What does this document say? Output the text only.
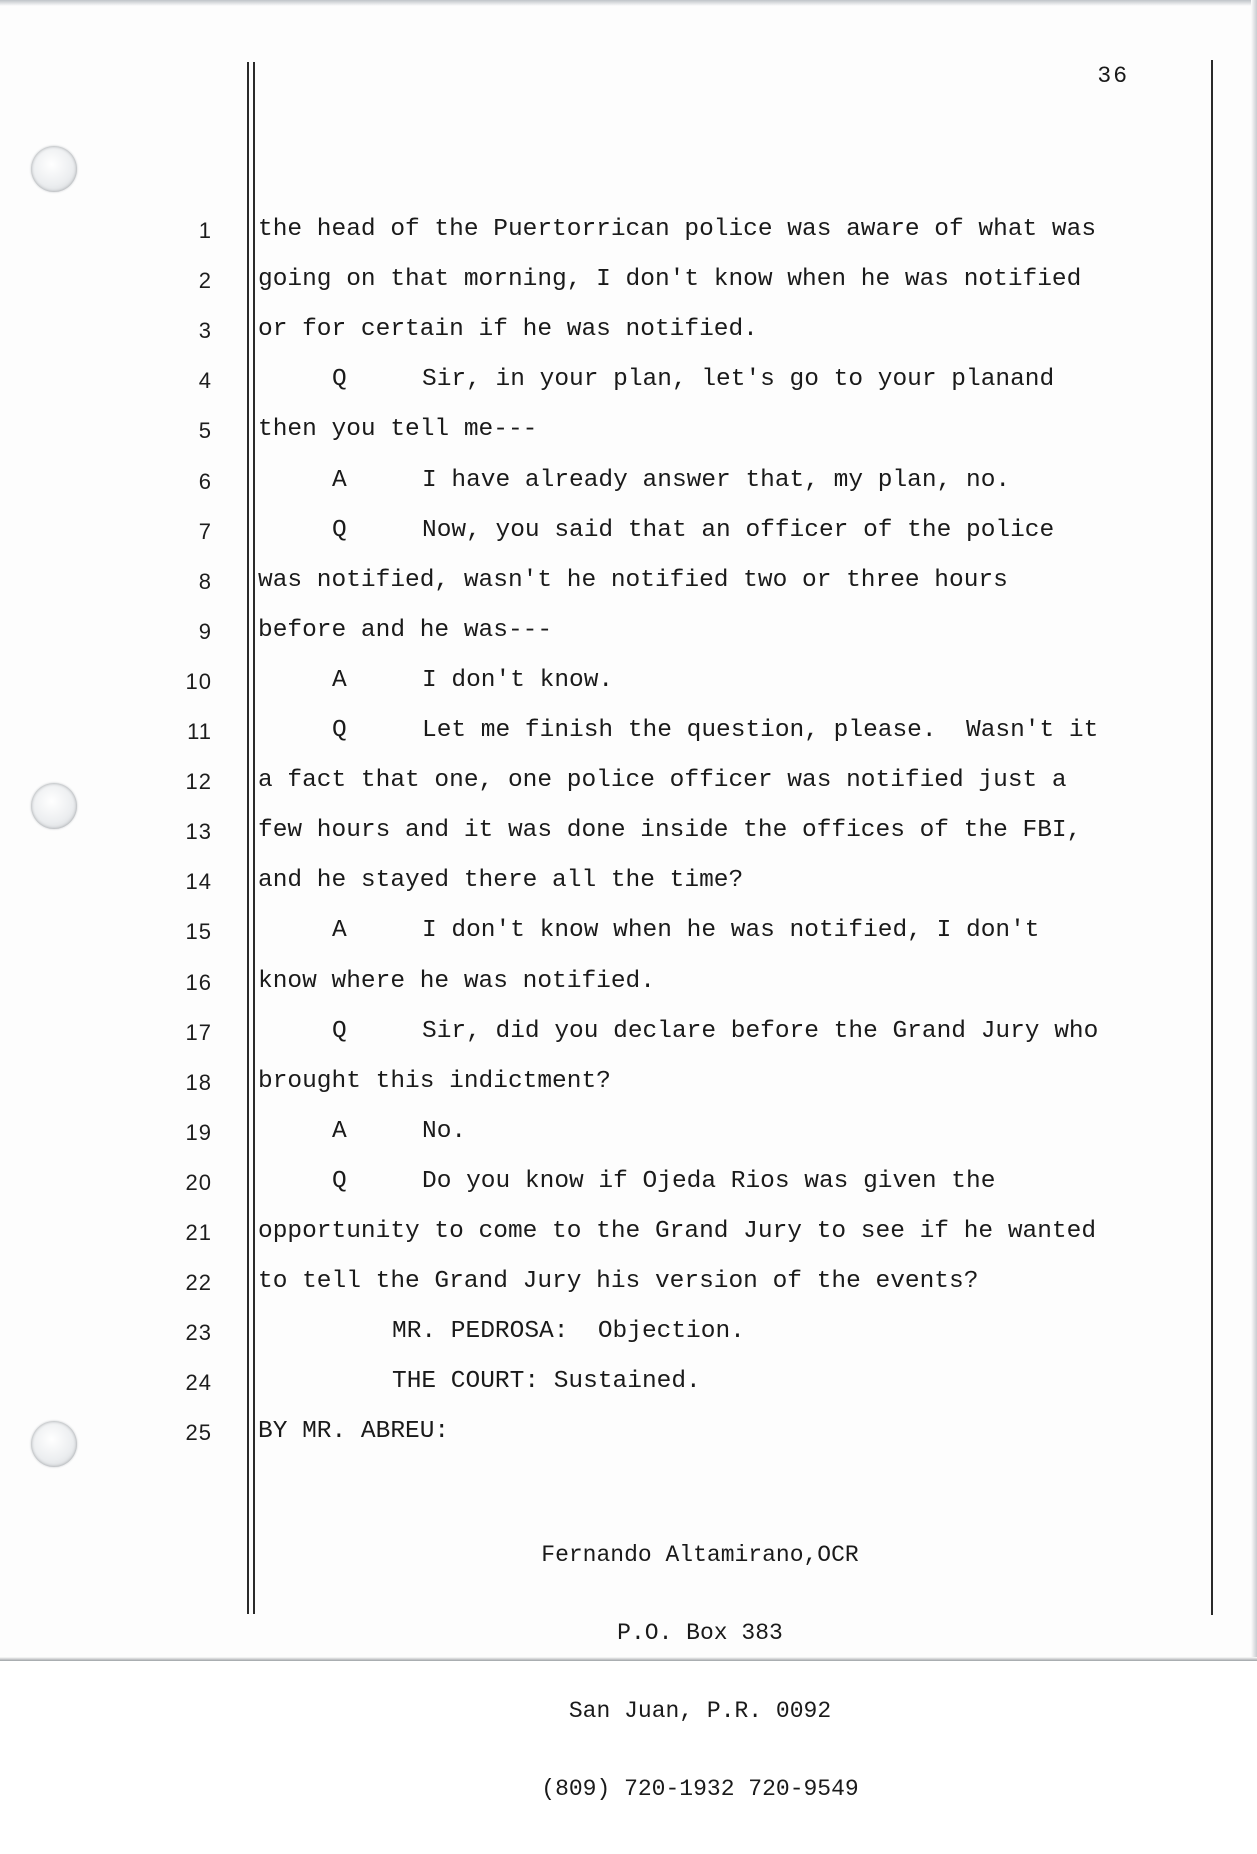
36
1 the head of the Puertorrican police was aware of what was
2 going on that morning, I don't know when he was notified
3 or for certain if he was notified.
4	Q	Sir, in your plan, let's go to your planand
5 then you tell me---
6	A	I have already answer that, my plan, no.
7	Q	Now, you said that an officer of the police
8 was notified, wasn't he notified two or three hours
9 before and he was---
10	A	I don't know.
11	Q	Let me finish the question, please.  Wasn't it
12 a fact that one, one police officer was notified just a
13 few hours and it was done inside the offices of the FBI,
14 and he stayed there all the time?
15	A	I don't know when he was notified, I don't
16 know where he was notified.
17	Q	Sir, did you declare before the Grand Jury who
18 brought this indictment?
19	A	No.
20	Q	Do you know if Ojeda Rios was given the
21 opportunity to come to the Grand Jury to see if he wanted
22 to tell the Grand Jury his version of the events?
23	MR. PEDROSA:  Objection.
24	THE COURT: Sustained.
25 BY MR. ABREU:

Fernando Altamirano,OCR

P.O. Box 383

San Juan, P.R. 0092

(809) 720-1932 720-9549
